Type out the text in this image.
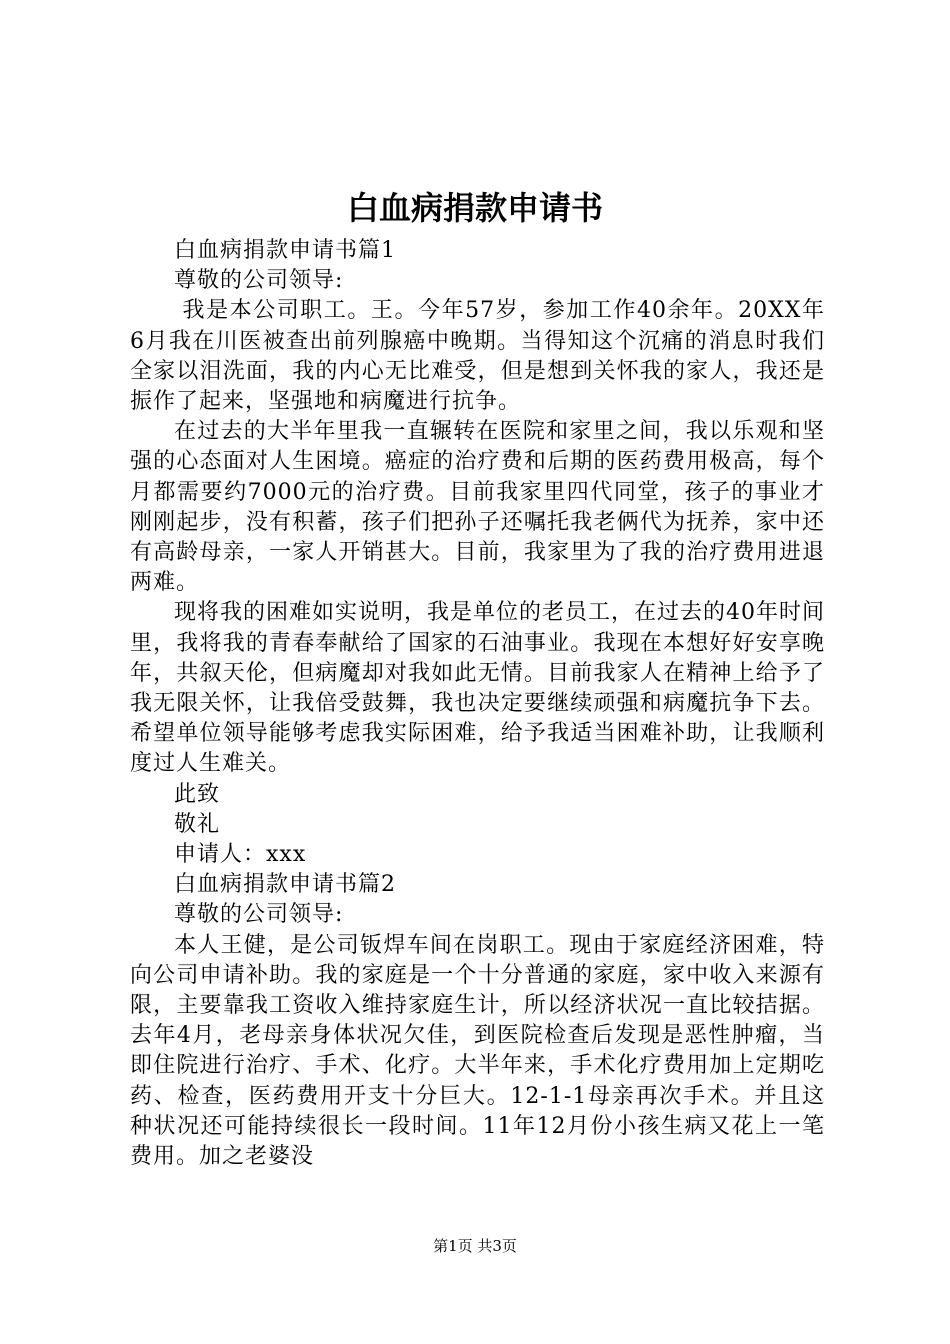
白血病捐款申请书

白血病捐款申请书篇1

尊敬的公司领导:

我是本公司职工。王。今年57岁，参加工作40余年。20XX年6月我在川医被查出前列腺癌中晚期。当得知这个沉痛的消息时我们全家以泪洗面，我的内心无比难受，但是想到关怀我的家人，我还是振作了起来，坚强地和病魔进行抗争。

在过去的大半年里我一直辗转在医院和家里之间，我以乐观和坚强的心态面对人生困境。癌症的治疗费和后期的医药费用极高，每个月都需要约7000元的治疗费。目前我家里四代同堂，孩子的事业才刚刚起步，没有积蓄，孩子们把孙子还嘱托我老俩代为抚养，家中还有高龄母亲，一家人开销甚大。目前，我家里为了我的治疗费用进退两难。

现将我的困难如实说明，我是单位的老员工，在过去的40年时间里，我将我的青春奉献给了国家的石油事业。我现在本想好好安享晚年，共叙天伦，但病魔却对我如此无情。目前我家人在精神上给予了我无限关怀，让我倍受鼓舞，我也决定要继续顽强和病魔抗争下去。希望单位领导能够考虑我实际困难，给予我适当困难补助，让我顺利度过人生难关。

此致

敬礼

申请人：xxx

白血病捐款申请书篇2

尊敬的公司领导:

本人王健，是公司钣焊车间在岗职工。现由于家庭经济困难，特向公司申请补助。我的家庭是一个十分普通的家庭，家中收入来源有限，主要靠我工资收入维持家庭生计，所以经济状况一直比较拮据。去年4月，老母亲身体状况欠佳，到医院检查后发现是恶性肿瘤，当即住院进行治疗、手术、化疗。大半年来，手术化疗费用加上定期吃药、检查，医药费用开支十分巨大。12-1-1母亲再次手术。并且这种状况还可能持续很长一段时间。11年12月份小孩生病又花上一笔费用。加之老婆没

第1页 共3页
